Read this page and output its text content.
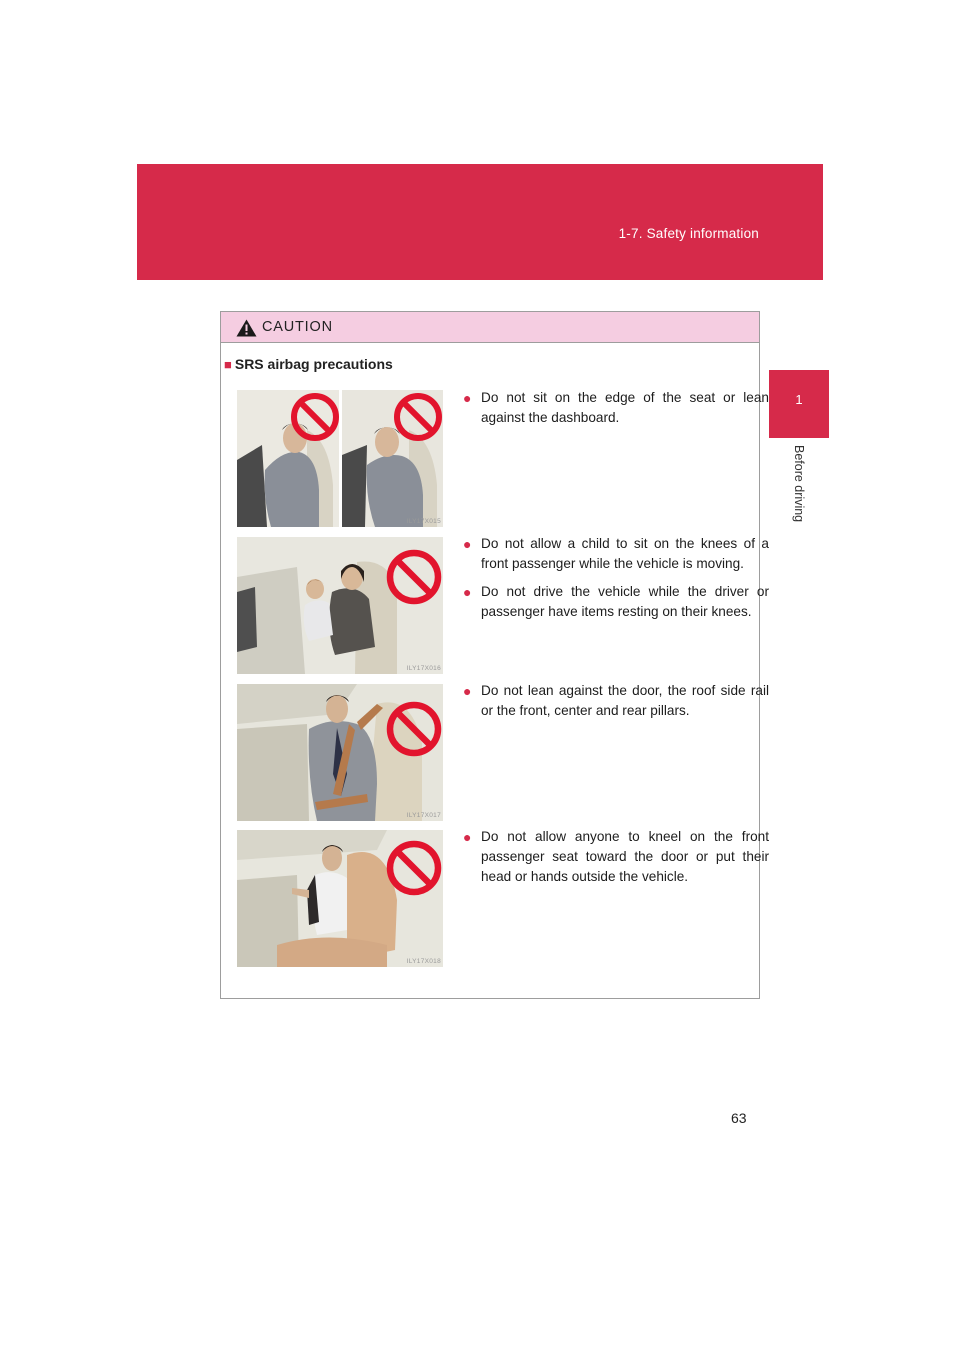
1-7. Safety information
1
Before driving
CAUTION
■ SRS airbag precautions
ILY17X015
ILY17X016
ILY17X017
ILY17X018
● Do not sit on the edge of the seat or lean against the dashboard.
● Do not allow a child to sit on the knees of a front passenger while the vehicle is moving.
● Do not drive the vehicle while the driver or passenger have items resting on their knees.
● Do not lean against the door, the roof side rail or the front, center and rear pillars.
● Do not allow anyone to kneel on the front passenger seat toward the door or put their head or hands outside the vehicle.
63
